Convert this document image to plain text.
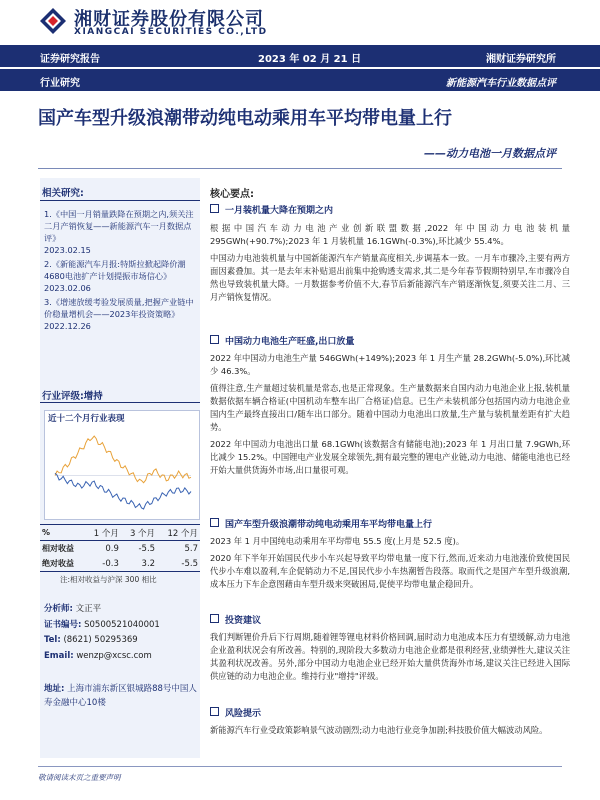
湘财证券股份有限公司
XIANGCAI SECURITIES CO.,LTD
证券研究报告	2023 年 02 月 21 日	湘财证券研究所
行业研究	新能源汽车行业数据点评
国产车型升级浪潮带动纯电动乘用车平均带电量上行
——动力电池一月数据点评
相关研究:
1.《中国一月销量跌降在预期之内,须关注二月产销恢复——新能源汽车一月数据点评》
2023.02.15
2.《新能源汽车月报:特斯拉掀起降价潮 4680电池扩产计划提振市场信心》
2023.02.06
3.《增速放缓考验发展质量,把握产业链中价稳量增机会——2023年投资策略》
2022.12.26
行业评级:增持
近十二个月行业表现
%	1 个月	3 个月	12 个月
相对收益	0.9	-5.5	5.7
绝对收益	-0.3	3.2	-5.5
注:相对收益与沪深 300 相比
分析师: 文正平
证书编号: S0500521040001
Tel: (8621) 50295369
Email: wenzp@xcsc.com
地址: 上海市浦东新区银城路88号中国人寿金融中心10楼
核心要点:
一月装机量大降在预期之内
根据中国汽车动力电池产业创新联盟数据,2022 年中国动力电池装机量 295GWh(+90.7%);2023 年 1 月装机量 16.1GWh(-0.3%),环比减少 55.4%。
中国动力电池装机量与中国新能源汽车产销量高度相关,步调基本一致。一月车市骤冷,主要有两方面因素叠加。其一是去年末补贴退出前集中抢购透支需求,其二是今年春节假期特别早,车市骤冷自然也导致装机量大降。一月数据参考价值不大,春节后新能源汽车产销逐渐恢复,须要关注二月、三月产销恢复情况。
中国动力电池生产旺盛,出口放量
2022 年中国动力电池生产量 546GWh(+149%);2023 年 1 月生产量 28.2GWh(-5.0%),环比减少 46.3%。
值得注意,生产量超过装机量是常态,也是正常现象。生产量数据来自国内动力电池企业上报,装机量数据依据车辆合格证(中国机动车整车出厂合格证)信息。已生产未装机部分包括国内动力电池企业国内生产最终直接出口/随车出口部分。随着中国动力电池出口放量,生产量与装机量差距有扩大趋势。
2022 年中国动力电池出口量 68.1GWh(该数据含有储能电池);2023 年 1 月出口量 7.9GWh,环比减少 15.2%。中国锂电产业发展全球领先,拥有最完整的锂电产业链,动力电池、储能电池也已经开始大量供货海外市场,出口量很可观。
国产车型升级浪潮带动纯电动乘用车平均带电量上行
2023 年 1 月中国纯电动乘用车平均带电 55.5 度(上月是 52.5 度)。
2020 年下半年开始国民代步小车兴起导致平均带电量一度下行,然而,近来动力电池涨价致使国民代步小车难以盈利,车企促销动力不足,国民代步小车热潮暂告段落。取而代之是国产车型升级浪潮,成本压力下车企意图藉由车型升级来突破困局,促使平均带电量企稳回升。
投资建议
我们判断锂价升后下行周期,随着锂等锂电材料价格回调,届时动力电池成本压力有望缓解,动力电池企业盈利状况会有所改善。特别的,现阶段大多数动力电池企业都是很利经营,业绩弹性大,建议关注其盈利状况改善。另外,部分中国动力电池企业已经开始大量供货海外市场,建议关注已经进入国际供应链的动力电池企业。维持行业"增持"评级。
风险提示
新能源汽车行业受政策影响景气波动剧烈;动力电池行业竞争加剧;科技股价值大幅波动风险。
敬请阅读末页之重要声明
